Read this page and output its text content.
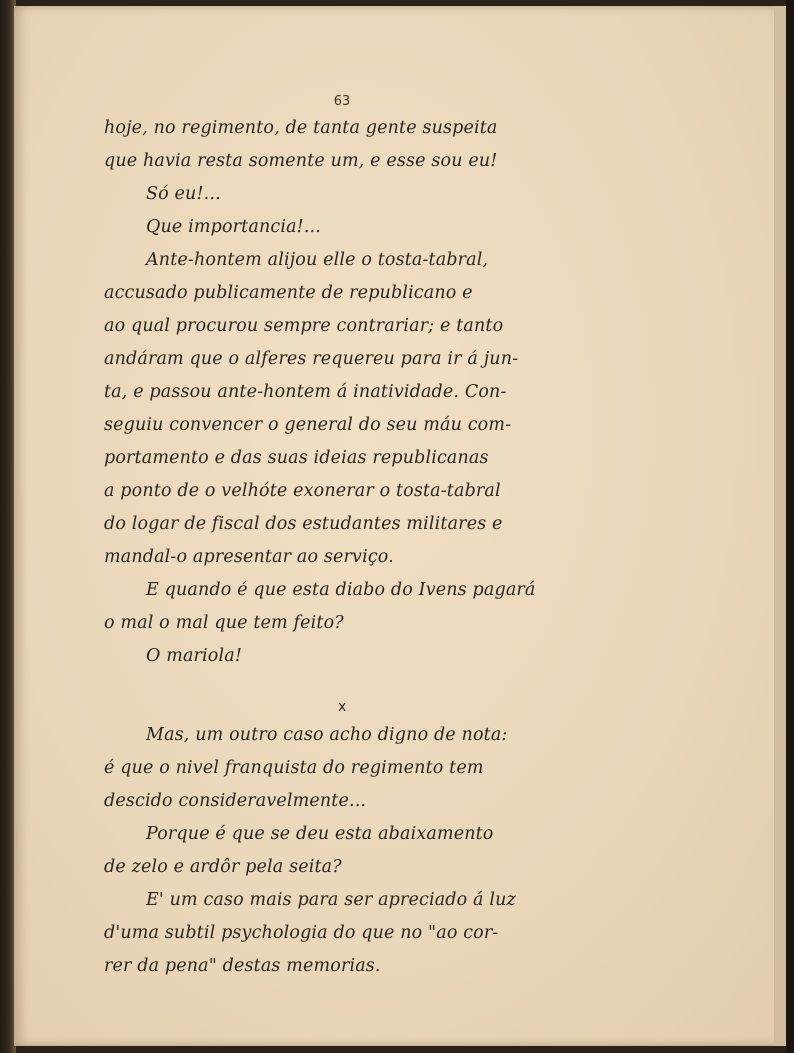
63
hoje, no regimento, de tanta gente suspeita
que havia resta somente um, e esse sou eu!
Só eu!...
Que importancia!...
Ante-hontem alijou elle o tosta-tabral,
accusado publicamente de republicano e
ao qual procurou sempre contrariar; e tanto
andáram que o alferes requereu para ir á jun-
ta, e passou ante-hontem á inatividade. Con-
seguiu convencer o general do seu máu com-
portamento e das suas ideias republicanas
a ponto de o velhóte exonerar o tosta-tabral
do logar de fiscal dos estudantes militares e
mandal-o apresentar ao serviço.
E quando é que esta diabo do Ivens pagará
o mal o mal que tem feito?
O mariola!
x
Mas, um outro caso acho digno de nota:
é que o nivel franquista do regimento tem
descido consideravelmente...
Porque é que se deu esta abaixamento
de zelo e ardôr pela seita?
E' um caso mais para ser apreciado á luz
d'uma subtil psychologia do que no "ao cor-
rer da pena" destas memorias.
